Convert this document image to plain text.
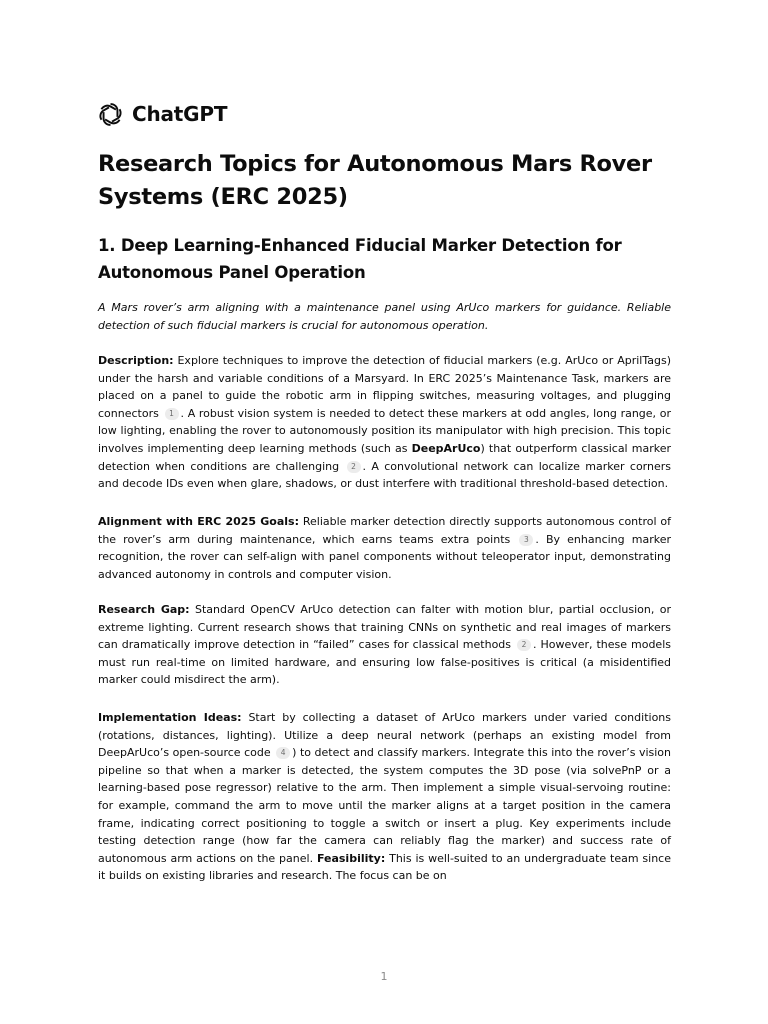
ChatGPT
Research Topics for Autonomous Mars Rover Systems (ERC 2025)
1. Deep Learning-Enhanced Fiducial Marker Detection for Autonomous Panel Operation

A Mars rover’s arm aligning with a maintenance panel using ArUco markers for guidance. Reliable detection of such fiducial markers is crucial for autonomous operation.

Description: Explore techniques to improve the detection of fiducial markers (e.g. ArUco or AprilTags) under the harsh and variable conditions of a Marsyard. In ERC 2025’s Maintenance Task, markers are placed on a panel to guide the robotic arm in flipping switches, measuring voltages, and plugging connectors 1 . A robust vision system is needed to detect these markers at odd angles, long range, or low lighting, enabling the rover to autonomously position its manipulator with high precision. This topic involves implementing deep learning methods (such as DeepArUco) that outperform classical marker detection when conditions are challenging 2 . A convolutional network can localize marker corners and decode IDs even when glare, shadows, or dust interfere with traditional threshold-based detection.

Alignment with ERC 2025 Goals: Reliable marker detection directly supports autonomous control of the rover’s arm during maintenance, which earns teams extra points 3 . By enhancing marker recognition, the rover can self-align with panel components without teleoperator input, demonstrating advanced autonomy in controls and computer vision.

Research Gap: Standard OpenCV ArUco detection can falter with motion blur, partial occlusion, or extreme lighting. Current research shows that training CNNs on synthetic and real images of markers can dramatically improve detection in “failed” cases for classical methods 2 . However, these models must run real-time on limited hardware, and ensuring low false-positives is critical (a misidentified marker could misdirect the arm).

Implementation Ideas: Start by collecting a dataset of ArUco markers under varied conditions (rotations, distances, lighting). Utilize a deep neural network (perhaps an existing model from DeepArUco’s open-source code 4 ) to detect and classify markers. Integrate this into the rover’s vision pipeline so that when a marker is detected, the system computes the 3D pose (via solvePnP or a learning-based pose regressor) relative to the arm. Then implement a simple visual-servoing routine: for example, command the arm to move until the marker aligns at a target position in the camera frame, indicating correct positioning to toggle a switch or insert a plug. Key experiments include testing detection range (how far the camera can reliably flag the marker) and success rate of autonomous arm actions on the panel. Feasibility: This is well-suited to an undergraduate team since it builds on existing libraries and research. The focus can be on

1
